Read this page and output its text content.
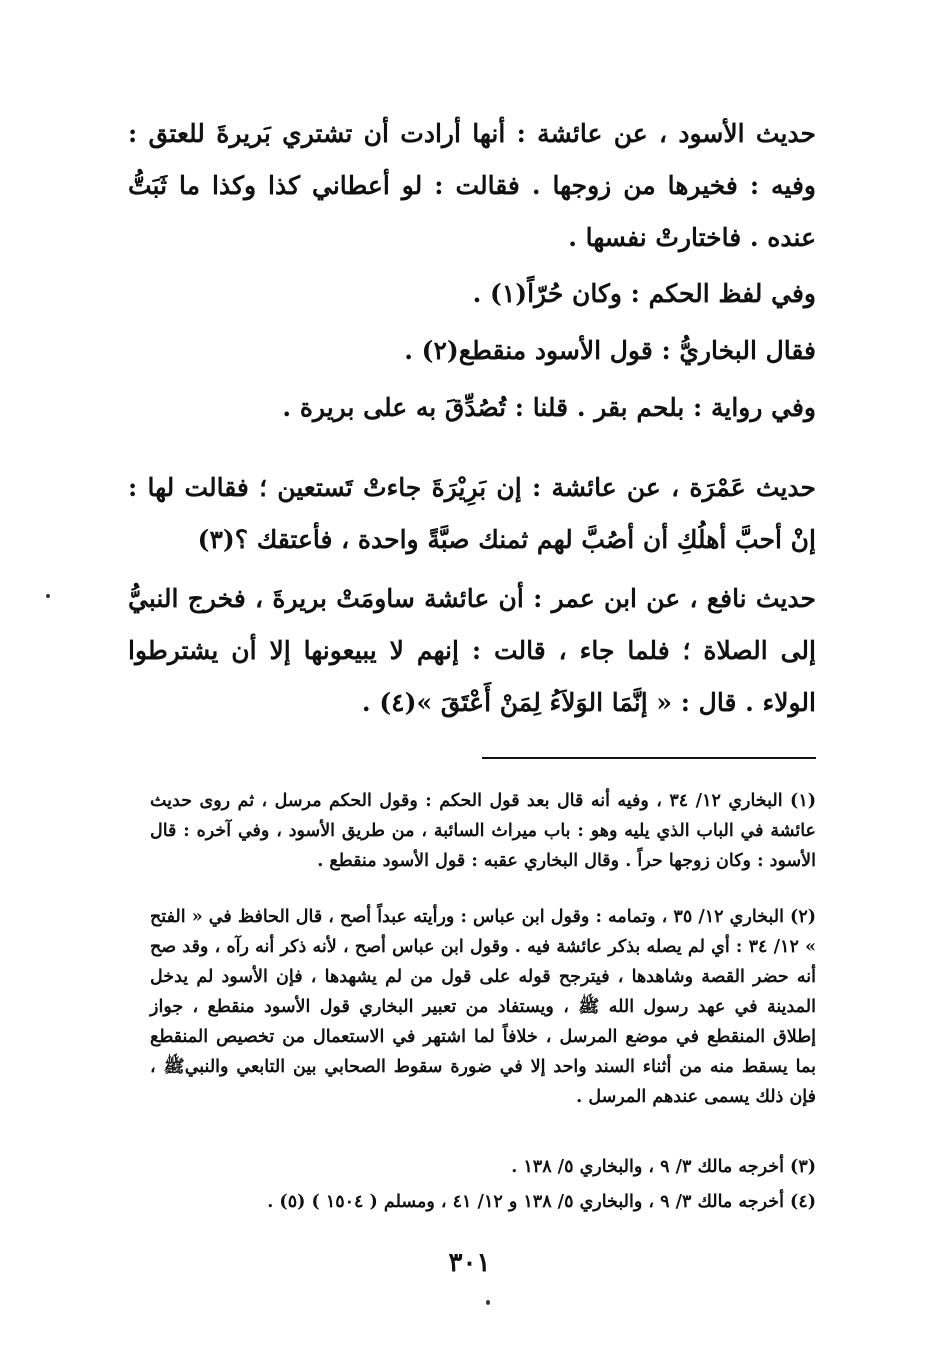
حديث الأسود ، عن عائشة : أنها أرادت أن تشتري بَريرةَ للعتق : وفيه : فخيرها من زوجها . فقالت : لو أعطاني كذا وكذا ما ثَبَتُّ عنده . فاختارتْ نفسها .
وفي لفظ الحكم : وكان حُرّاً(١) .
فقال البخاريُّ : قول الأسود منقطع(٢) .
وفي رواية : بلحم بقر . قلنا : تُصُدِّقَ به على بريرة .
حديث عَمْرَة ، عن عائشة : إن بَرِيْرَةَ جاءتْ تَستعين ؛ فقالت لها : إنْ أحبَّ أهلُكِ أن أصُبَّ لهم ثمنك صبَّةً واحدة ، فأعتقك ؟(٣)
حديث نافع ، عن ابن عمر : أن عائشة ساومَتْ بريرةَ ، فخرج النبيُّ إلى الصلاة ؛ فلما جاء ، قالت : إنهم لا يبيعونها إلا أن يشترطوا الولاء . قال : « إنَّمَا الوَلاَءُ لِمَنْ أَعْتَقَ »(٤) .
(١) البخاري ١٢/ ٣٤ ، وفيه أنه قال بعد قول الحكم : وقول الحكم مرسل ، ثم روى حديث عائشة في الباب الذي يليه وهو : باب ميراث السائبة ، من طريق الأسود ، وفي آخره : قال الأسود : وكان زوجها حراً . وقال البخاري عقبه : قول الأسود منقطع .
(٢) البخاري ١٢/ ٣٥ ، وتمامه : وقول ابن عباس : ورأيته عبداً أصح ، قال الحافظ في « الفتح » ١٢/ ٣٤ : أي لم يصله بذكر عائشة فيه . وقول ابن عباس أصح ، لأنه ذكر أنه رآه ، وقد صح أنه حضر القصة وشاهدها ، فيترجح قوله على قول من لم يشهدها ، فإن الأسود لم يدخل المدينة في عهد رسول الله ﷺ ، ويستفاد من تعبير البخاري قول الأسود منقطع ، جواز إطلاق المنقطع في موضع المرسل ، خلافاً لما اشتهر في الاستعمال من تخصيص المنقطع بما يسقط منه من أثناء السند واحد إلا في ضورة سقوط الصحابي بين التابعي والنبيﷺ ، فإن ذلك يسمى عندهم المرسل .
(٣) أخرجه مالك ٣/ ٩ ، والبخاري ٥/ ١٣٨ .
(٤) أخرجه مالك ٣/ ٩ ، والبخاري ٥/ ١٣٨ و ١٢/ ٤١ ، ومسلم ( ١٥٠٤ ) (٥) .
٣٠١
